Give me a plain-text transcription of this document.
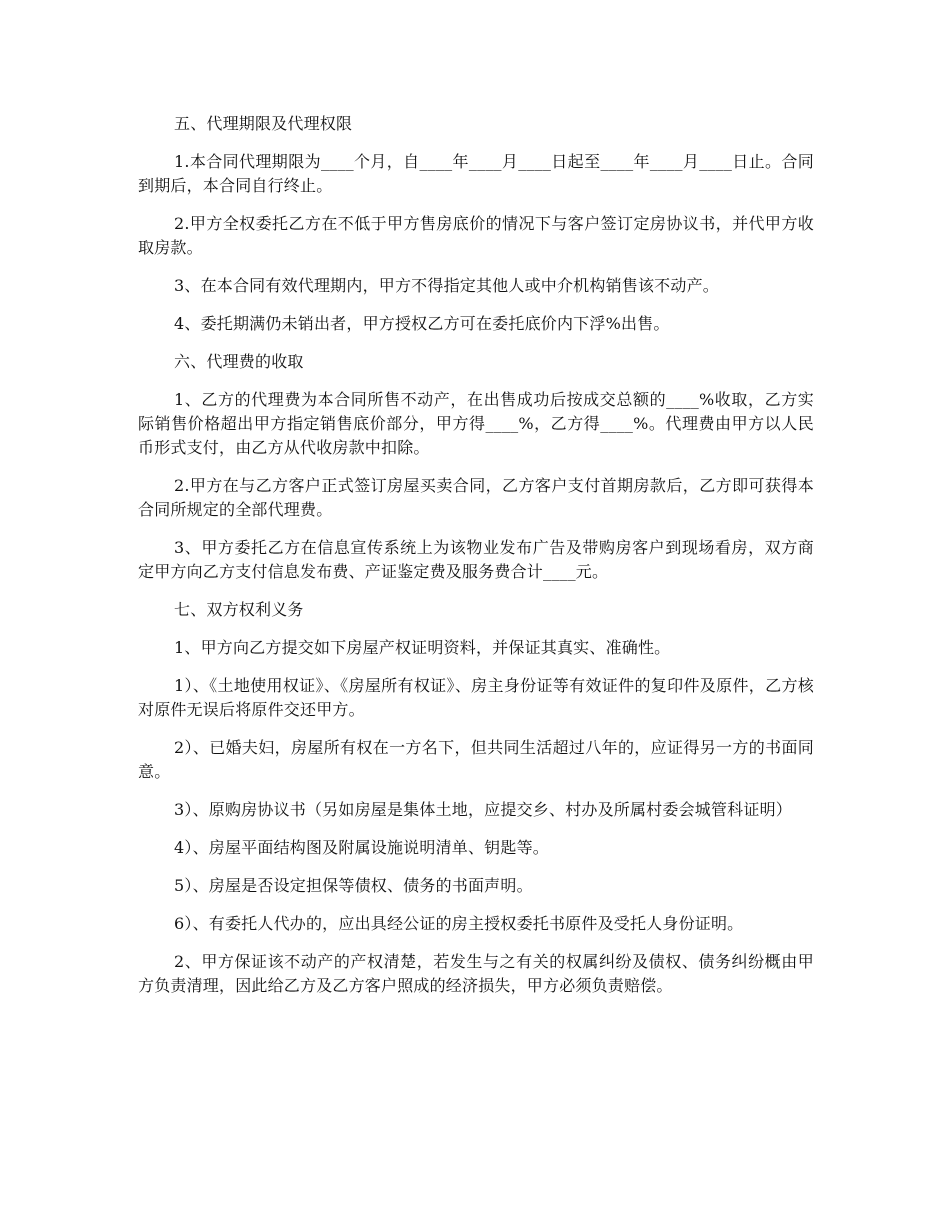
五、代理期限及代理权限

1.本合同代理期限为____个月，自____年____月____日起至____年____月____日止。合同到期后，本合同自行终止。

2.甲方全权委托乙方在不低于甲方售房底价的情况下与客户签订定房协议书，并代甲方收取房款。

3、在本合同有效代理期内，甲方不得指定其他人或中介机构销售该不动产。

4、委托期满仍未销出者，甲方授权乙方可在委托底价内下浮%出售。

六、代理费的收取

1、乙方的代理费为本合同所售不动产，在出售成功后按成交总额的____%收取，乙方实际销售价格超出甲方指定销售底价部分，甲方得____%，乙方得____%。代理费由甲方以人民币形式支付，由乙方从代收房款中扣除。

2.甲方在与乙方客户正式签订房屋买卖合同，乙方客户支付首期房款后，乙方即可获得本合同所规定的全部代理费。

3、甲方委托乙方在信息宣传系统上为该物业发布广告及带购房客户到现场看房，双方商定甲方向乙方支付信息发布费、产证鉴定费及服务费合计____元。

七、双方权利义务

1、甲方向乙方提交如下房屋产权证明资料，并保证其真实、准确性。

1）、《土地使用权证》、《房屋所有权证》、房主身份证等有效证件的复印件及原件，乙方核对原件无误后将原件交还甲方。

2）、已婚夫妇，房屋所有权在一方名下，但共同生活超过八年的，应证得另一方的书面同意。

3）、原购房协议书（另如房屋是集体土地，应提交乡、村办及所属村委会城管科证明）

4）、房屋平面结构图及附属设施说明清单、钥匙等。

5）、房屋是否设定担保等债权、债务的书面声明。

6）、有委托人代办的，应出具经公证的房主授权委托书原件及受托人身份证明。

2、甲方保证该不动产的产权清楚，若发生与之有关的权属纠纷及债权、债务纠纷概由甲方负责清理，因此给乙方及乙方客户照成的经济损失，甲方必须负责赔偿。
